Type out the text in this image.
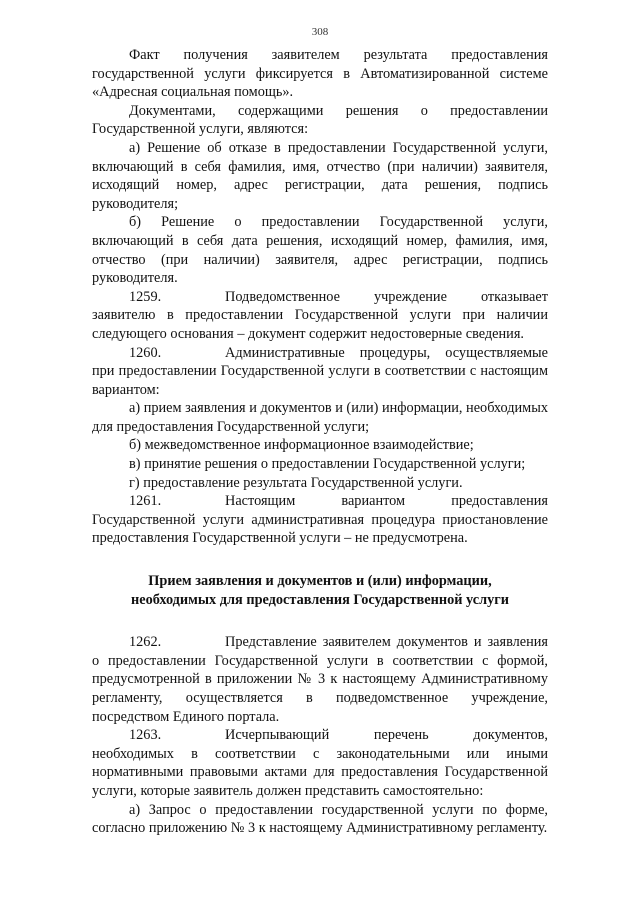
308

Факт получения заявителем результата предоставления государственной услуги фиксируется в Автоматизированной системе «Адресная социальная помощь».

Документами, содержащими решения о предоставлении Государственной услуги, являются:

а) Решение об отказе в предоставлении Государственной услуги, включающий в себя фамилия, имя, отчество (при наличии) заявителя, исходящий номер, адрес регистрации, дата решения, подпись руководителя;

б) Решение о предоставлении Государственной услуги, включающий в себя дата решения, исходящий номер, фамилия, имя, отчество (при наличии) заявителя, адрес регистрации, подпись руководителя.

1259.	Подведомственное учреждение отказывает заявителю в предоставлении Государственной услуги при наличии следующего основания – документ содержит недостоверные сведения.

1260.	Административные процедуры, осуществляемые при предоставлении Государственной услуги в соответствии с настоящим вариантом:

а) прием заявления и документов и (или) информации, необходимых для предоставления Государственной услуги;

б) межведомственное информационное взаимодействие;

в) принятие решения о предоставлении Государственной услуги;

г) предоставление результата Государственной услуги.

1261.	Настоящим вариантом предоставления Государственной услуги административная процедура приостановление предоставления Государственной услуги – не предусмотрена.

Прием заявления и документов и (или) информации,
необходимых для предоставления Государственной услуги

1262.	Представление заявителем документов и заявления о предоставлении Государственной услуги в соответствии с формой, предусмотренной в приложении № 3 к настоящему Административному регламенту, осуществляется в подведомственное учреждение, посредством Единого портала.

1263.	Исчерпывающий перечень документов, необходимых в соответствии с законодательными или иными нормативными правовыми актами для предоставления Государственной услуги, которые заявитель должен представить самостоятельно:

а) Запрос о предоставлении государственной услуги по форме, согласно приложению № 3 к настоящему Административному регламенту.
